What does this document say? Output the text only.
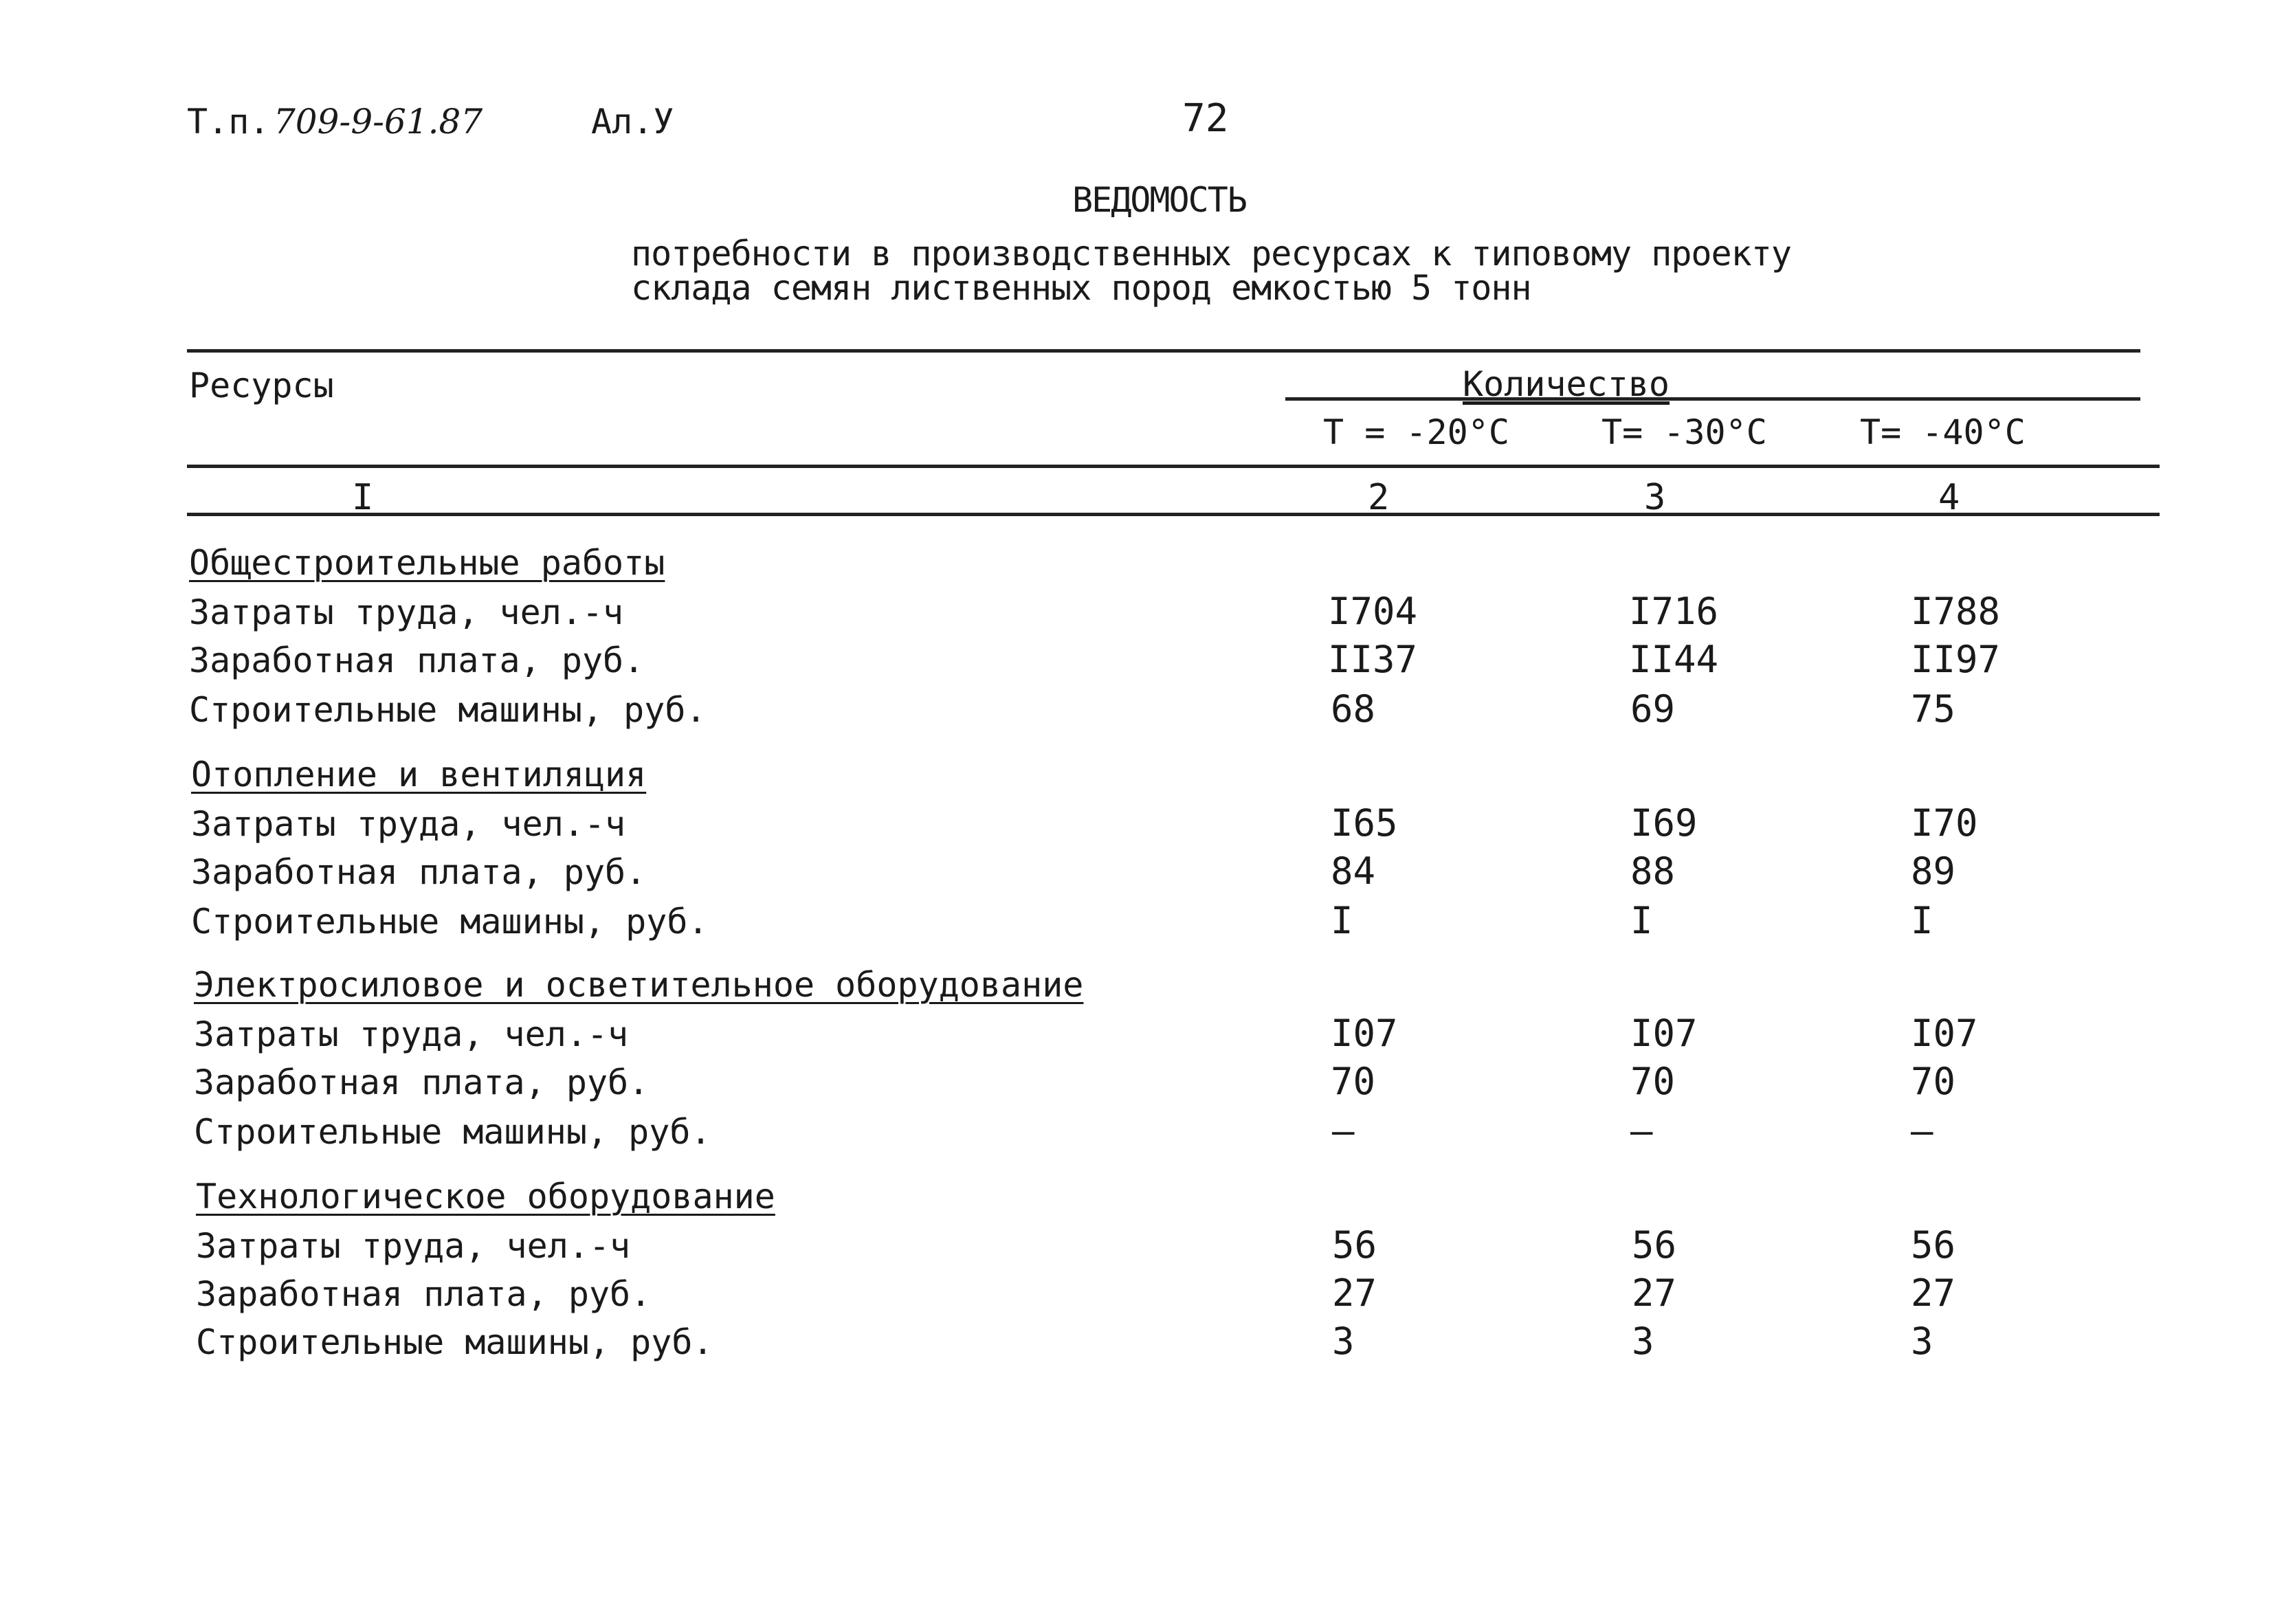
Т.п. 709-9-61.87	Ал.У	72
ВЕДОМОСТЬ
потребности в производственных ресурсах к типовому проекту
склада семян лиственных пород емкостью 5 тонн
Ресурсы	Количество
Т = -20°С	Т= -30°С	Т= -40°С
I	2	3	4
Общестроительные работы
Затраты труда, чел.-ч	I704	I716	I788
Заработная плата, руб.	II37	II44	II97
Строительные машины, руб.	68	69	75
Отопление и вентиляция
Затраты труда, чел.-ч	I65	I69	I70
Заработная плата, руб.	84	88	89
Строительные машины, руб.	I	I	I
Электросиловое и осветительное оборудование
Затраты труда, чел.-ч	I07	I07	I07
Заработная плата, руб.	70	70	70
Строительные машины, руб.	–	–	–
Технологическое оборудование
Затраты труда, чел.-ч	56	56	56
Заработная плата, руб.	27	27	27
Строительные машины, руб.	3	3	3
